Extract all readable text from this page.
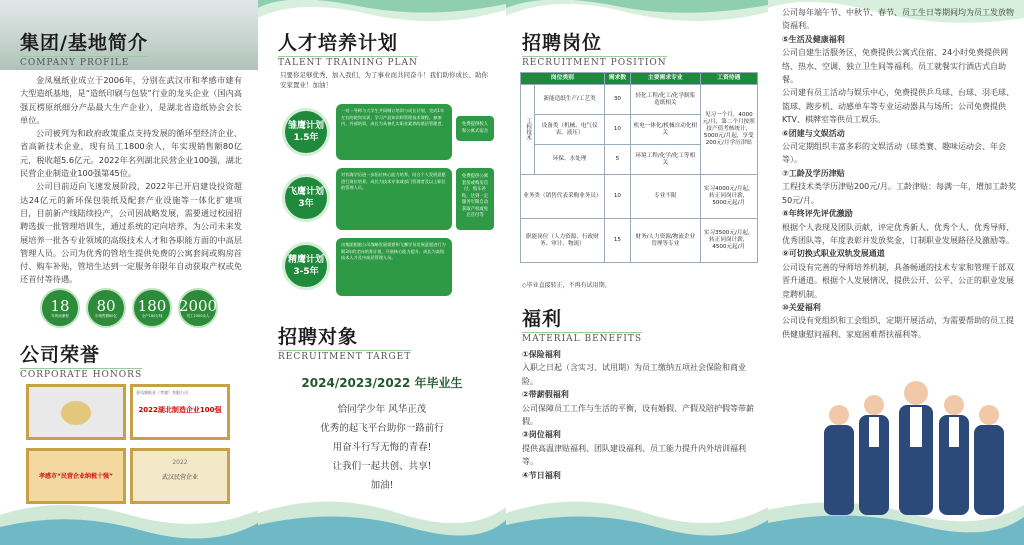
集团/基地简介
COMPANY PROFILE

金凤凰纸业成立于2006年，分别在武汉市和孝感市建有大型造纸基地，是“造纸印刷与包装”行业的龙头企业（国内高强瓦楞原纸细分产品最大生产企业），是湖北省造纸协会会长单位。

公司被列为和政府政策重点支持发展的循环型经济企业、省高新技术企业，现有员工1800余人，年实现销售额80亿元，税收超5.6亿元。2022年名列湖北民营企业100强，湖北民营企业制造业100强第45位。

公司目前迈向飞速发展阶段，2022年已开启建设投资超达24亿元的新环保包装纸及配套产业设施等一体化扩建项目，目前新产线陆续投产，公司因战略发展，需要通过校园招聘选拔一批管理培训生，通过系统的定向培养，为公司未来发展培养一批各专业领域的高级技术人才和各职能方面的中高层管理人员。公司为优秀的管培生提供免费的公寓套间或购房首付、购车补贴，管培生达到一定服务年限年自动获取产权或免还首付等待遇。

18
年风雨兼程
80
年销售额80亿
180
全产180万吨
2000
员工2000余人
公司荣誉
CORPORATE HONORS
金凤凰纸业（孝感）有限公司
2022湖北制造企业100强
孝感市“民营企业纳税十强”
2022
武汉民营企业
人才培养计划
TALENT TRAINING PLAN

只要你足够优秀，加入我们，为了事业而共同奋斗！我们助你成长、助你安家置业！加油！

雏鹰计划
1.5年
一对一导师与大学生共同制订培训与成长计划，完成1年左右的轮岗实训，学习产品知识和管理技术课程，参加内、外部培训，成长为具备扎实职业素养的基层管理者。	免费提供校人和公寓式宿舍
飞鹰计划
3年
对有海学历进一步拓位核心能力培养，结合个人发展意愿进行岗位培养，成长为技术专家或部门管理者及以上职位的管理人员。
免费提供公寓套房或购房首付，购车补贴，达到一定服务年限自动获取产权或免还首付等
精鹰计划
3-5年
由集团根据公司战略发展需要和飞鹰学员发展意愿进行为期3年的定向培养计划，开展核心能力提升，成长为高级技术人才及中高层管理人员。
招聘对象
RECRUITMENT TARGET
2024/2023/2022 年毕业生
恰同学少年 风华正茂
优秀的起飞平台助你一路前行
用奋斗行写无悔的青春!
让我们一起共创、共享!
加油!
招聘岗位
RECRUITMENT POSITION
岗位类别		需求数	主要需求专业	工资待遇
工程技术	新能造纸生产/工艺类	30	轻化工程/化工/化学制浆造纸相关	见习一个月，4000元/月，第二个月按照技产值考核统计，5000元/月起，享受200元/月学历津贴
	设备类（机械、电气仪表、液压）	10	机电一体化/机械自动化相关	
	环保、水处理	5	环境工程/化学/化工等相关	
业务类（销售代表采购业务员）		10	专业不限	实习4000元/月起，转正同岗计薪，5000元起/月
职能岗位（人力资源、行政财务、审计、物流）		15	财务/人力资源/物流企业管理等专业	实习3500元/月起，转正同岗计薪，4500元起/月
◇毕业直接转正，不再有试用期。
福利
MATERIAL BENEFITS
①保险福利
入职之日起（含实习、试用期）为员工缴纳五项社会保险和商业险。
②带薪假福利
公司保障员工工作与生活的平衡，设有婚假、产假及陪护假等带薪假。
③岗位福利
提供高温津贴福利、团队建设福利、员工能力提升内外培训福利等。
④节日福利
公司每年端午节、中秋节、春节、员工生日等期间均为员工发放物资福利。
⑤生活及健康福利
公司自建生活服务区，免费提供公寓式住宿、24小时免费提供网络、热水、空调、独立卫生间等福利。员工就餐实行酒店式自助餐。
公司建有员工活动与娱乐中心，免费提供乒乓球、台球、羽毛球、篮球、跑步机、动感单车等专业运动器具与场所；公司免费提供KTV、棋牌室等供员工娱乐。
⑥团建与文娱活动
公司定期组织丰富多彩的文娱活动（球类赛、趣味运动会、年会等）。
⑦工龄及学历津贴
工程技术类学历津贴200元/月。工龄津贴：每满一年，增加工龄奖50元/月。
⑧年终评先评优激励
根据个人表现及团队贡献，评定优秀新人、优秀个人、优秀导师、优秀团队等，年度表彰并发放奖金，订制职业发展路径及激励等。
⑨可切换式职业双轨发展通道
公司设有完善的导师培养机制，具备畅通的技术专家和管理干部双晋升通道。根据个人发展情况，提供公开、公平、公正的职业发展竞聘机制。
⑩关爱福利
公司设有党组织和工会组织，定期开展活动，为需要帮助的员工提供健康慰问福利、家庭困难帮扶福利等。
